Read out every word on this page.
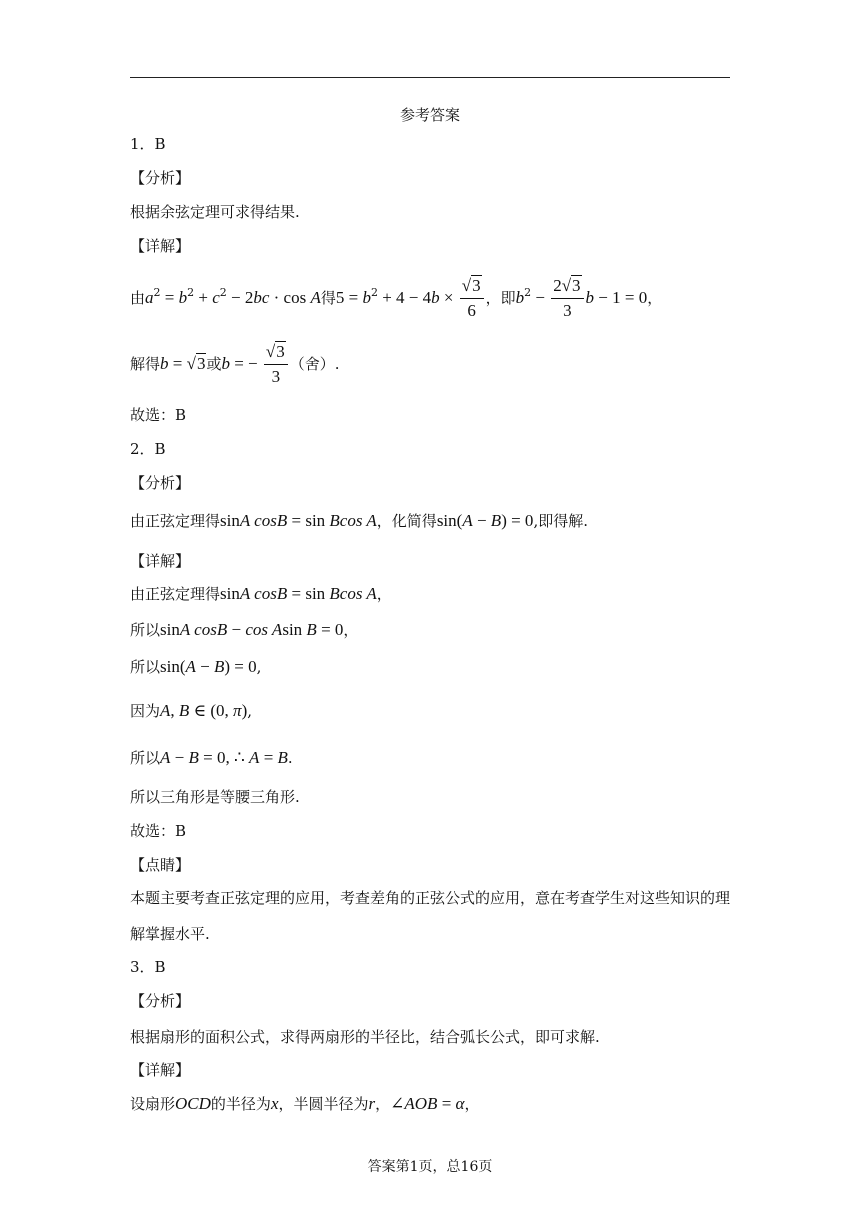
参考答案
1．B
【分析】
根据余弦定理可求得结果.
【详解】
由$a^2 = b^2 + c^2 - 2bc \cdot \cos A$得$5 = b^2 + 4 - 4b \times \frac{√3}{6}$ ，即$b^2 - \frac{2√3}{3}$ b − 1 = 0，
解得b = √3或b = − $\frac{√3}{3}$ （舍）.
故选：B
2．B
【分析】
由正弦定理得sinA cosB = sin Bcos A，化简得sin(A − B) = 0,即得解.
【详解】
由正弦定理得sinA cosB = sin Bcos A，
所以sinA cosB − cos Asin B = 0，
所以sin(A − B) = 0,
因为A, B ∈ (0, π),
所以A − B = 0, ∴ A = B.
所以三角形是等腰三角形.
故选：B
【点睛】
本题主要考查正弦定理的应用，考查差角的正弦公式的应用，意在考查学生对这些知识的理
解掌握水平.
3．B
【分析】
根据扇形的面积公式，求得两扇形的半径比，结合弧长公式，即可求解.
【详解】
设扇形OCD的半径为x，半圆半径为r，∠AOB = α，
答案第1页，总16页
